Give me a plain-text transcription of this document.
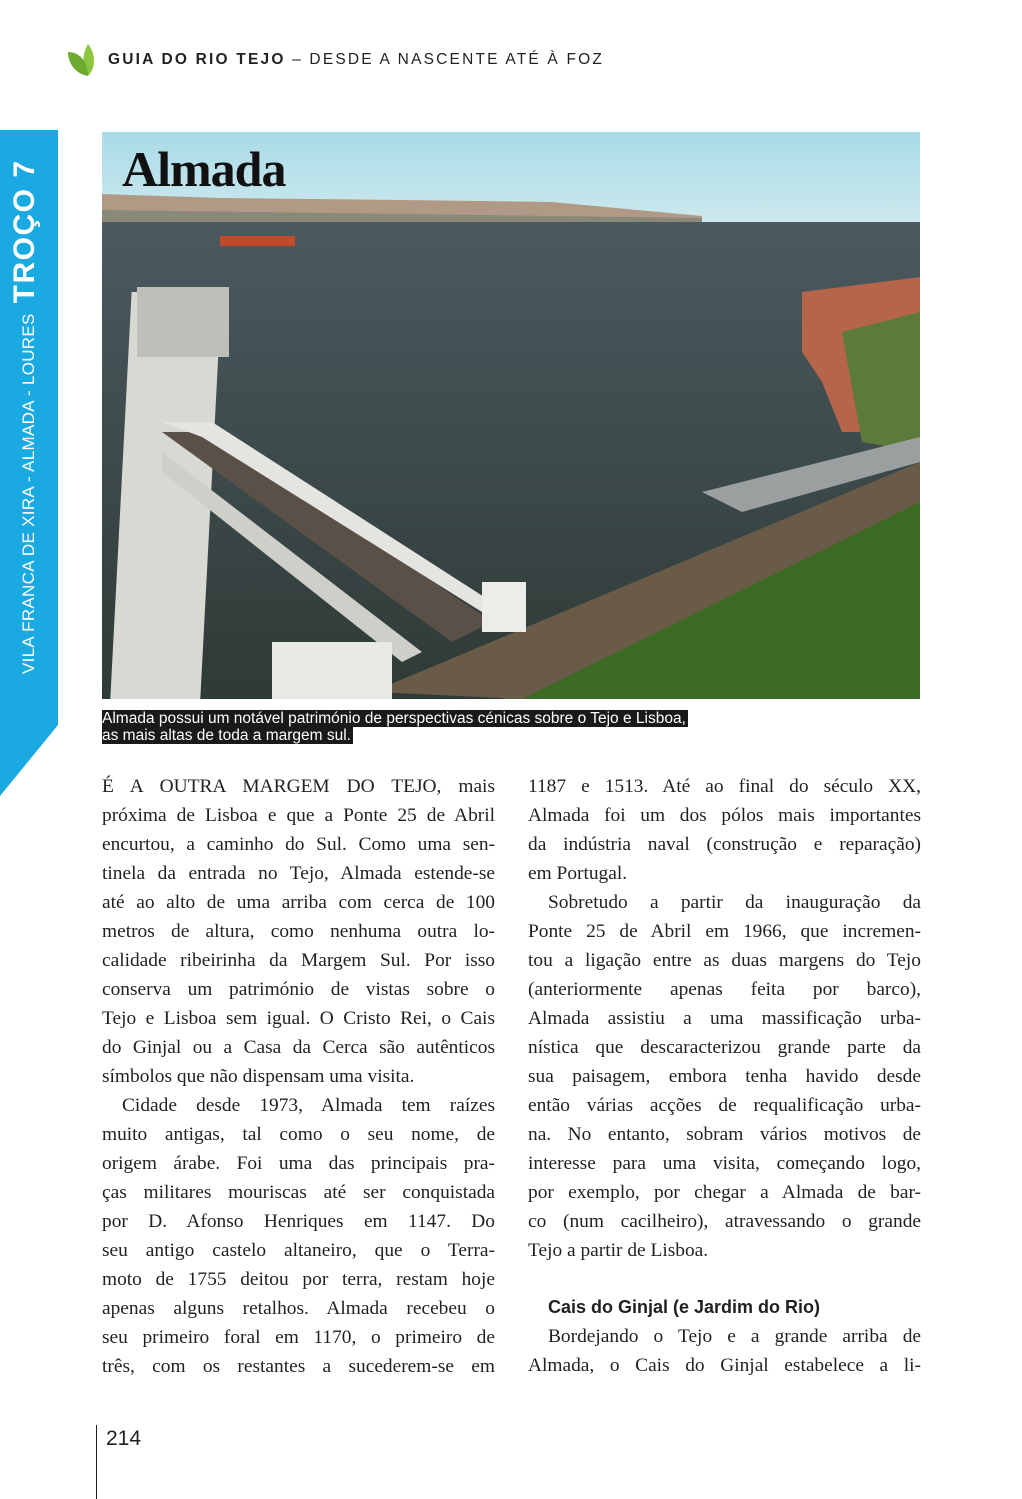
GUIA DO RIO TEJO – DESDE A NASCENTE ATÉ À FOZ
VILA FRANCA DE XIRA - ALMADA - LOURES
TROÇO 7 Almada
Almada possui um notável património de perspectivas cénicas sobre o Tejo e Lisboa,
as mais altas de toda a margem sul.
É A OUTRA MARGEM DO TEJO, mais
próxima de Lisboa e que a Ponte 25 de Abril
encurtou, a caminho do Sul. Como uma sen-
tinela da entrada no Tejo, Almada estende-se
até ao alto de uma arriba com cerca de 100
metros de altura, como nenhuma outra lo-
calidade ribeirinha da Margem Sul. Por isso
conserva um património de vistas sobre o
Tejo e Lisboa sem igual. O Cristo Rei, o Cais
do Ginjal ou a Casa da Cerca são autênticos
símbolos que não dispensam uma visita.
Cidade desde 1973, Almada tem raízes
muito antigas, tal como o seu nome, de
origem árabe. Foi uma das principais pra-
ças militares mouriscas até ser conquistada
por D. Afonso Henriques em 1147. Do
seu antigo castelo altaneiro, que o Terra-
moto de 1755 deitou por terra, restam hoje
apenas alguns retalhos. Almada recebeu o
seu primeiro foral em 1170, o primeiro de
três, com os restantes a sucederem-se em
1187 e 1513. Até ao final do século XX,
Almada foi um dos pólos mais importantes
da indústria naval (construção e reparação)
em Portugal.
Sobretudo a partir da inauguração da
Ponte 25 de Abril em 1966, que incremen-
tou a ligação entre as duas margens do Tejo
(anteriormente apenas feita por barco),
Almada assistiu a uma massificação urba-
nística que descaracterizou grande parte da
sua paisagem, embora tenha havido desde
então várias acções de requalificação urba-
na. No entanto, sobram vários motivos de
interesse para uma visita, começando logo,
por exemplo, por chegar a Almada de bar-
co (num cacilheiro), atravessando o grande
Tejo a partir de Lisboa.
Cais do Ginjal (e Jardim do Rio)
Bordejando o Tejo e a grande arriba de
Almada, o Cais do Ginjal estabelece a li-
214
